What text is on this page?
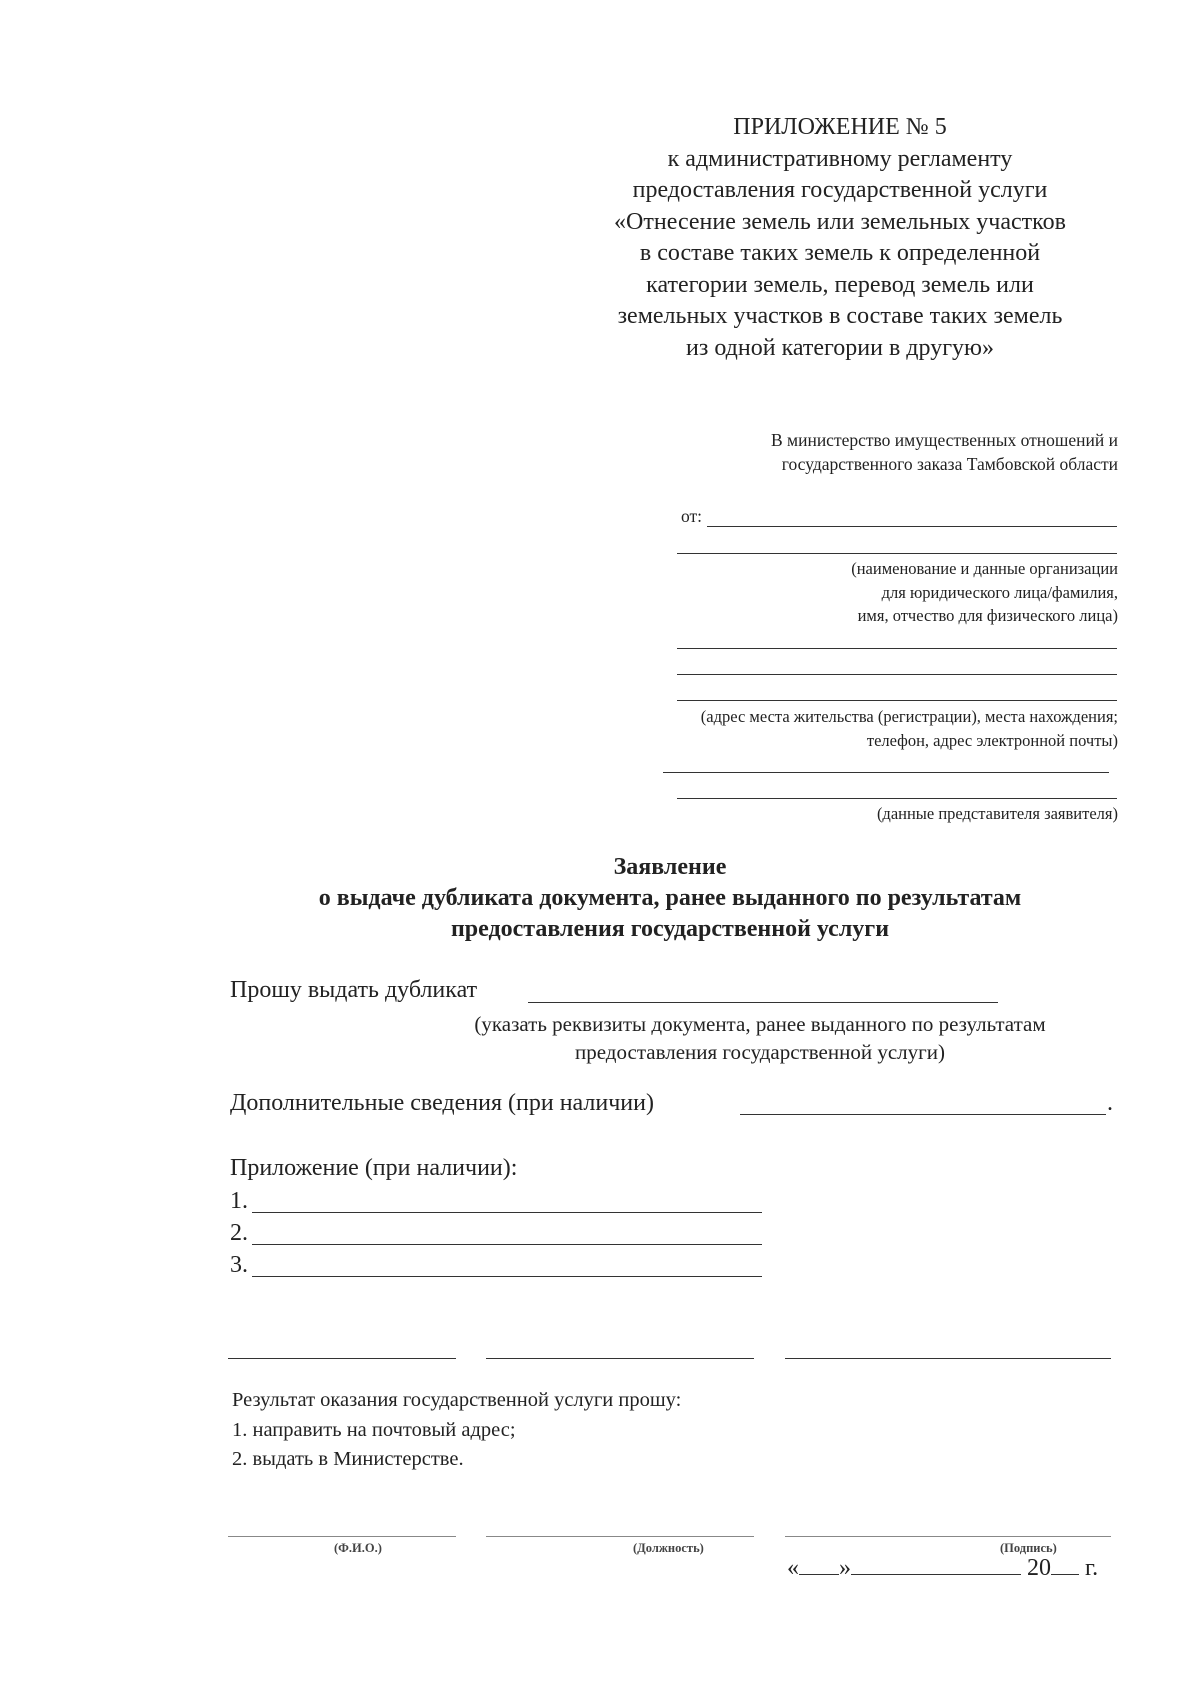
ПРИЛОЖЕНИЕ № 5
к административному регламенту
предоставления государственной услуги
«Отнесение земель или земельных участков
в составе таких земель к определенной
категории земель, перевод земель или
земельных участков в составе таких земель
из одной категории в другую»
В министерство имущественных отношений и
государственного заказа Тамбовской области
от:
(наименование и данные организации
для юридического лица/фамилия,
имя, отчество для физического лица)
(адрес места жительства (регистрации), места нахождения;
телефон, адрес электронной почты)
(данные представителя заявителя)
Заявление
о выдаче дубликата документа, ранее выданного по результатам
предоставления государственной услуги
Прошу выдать дубликат
(указать реквизиты документа, ранее выданного по результатам
предоставления государственной услуги)
Дополнительные сведения (при наличии)	.
Приложение (при наличии):
1.
2.
3.
Результат оказания государственной услуги прошу:
1. направить на почтовый адрес;
2. выдать в Министерстве.
(Ф.И.О.)	(Должность)	(Подпись)
« »	20 г.
